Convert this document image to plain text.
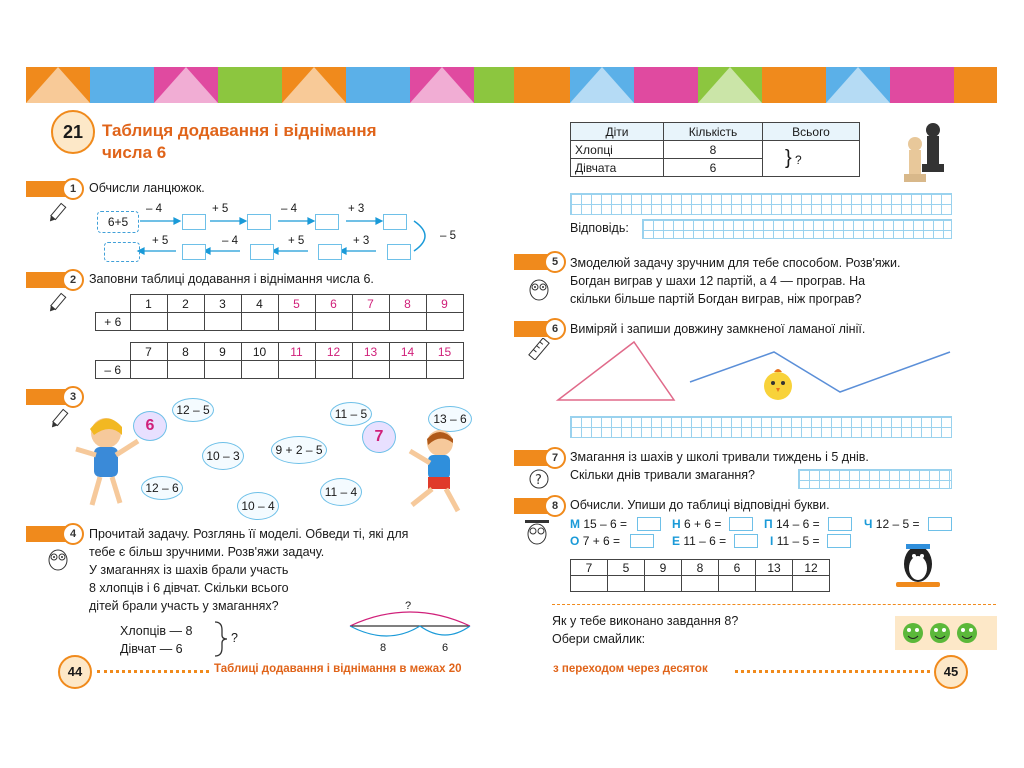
21	Таблиця додавання і віднімання
числа 6
1	Обчисли ланцюжок.
6+5
– 4	+ 5	– 4	+ 3
– 5
+ 5	– 4	+ 5	+ 3
2	Заповни таблиці додавання і віднімання числа 6.
	1	2	3	4	5	6	7	8	9
+ 6									
	7	8	9	10	11	12	13	14	15
– 6									
3
6
12 – 5
10 – 3
12 – 6
9 + 2 – 5
10 – 4
11 – 5	13 – 6
11 – 4
7
4	Прочитай задачу. Розглянь її моделі. Обведи ті, які для
тебе є більш зручними. Розв'яжи задачу.
У змаганнях із шахів брали участь
8 хлопців і 6 дівчат. Скільки всього
дітей брали участь у змаганнях?
Хлопців — 8
Дівчат — 6
?
?
8	6
44	Таблиці додавання і віднімання в межах 20
Діти	Кількість	Всього
Хлопці	8	} ?
Дівчата	6	
Відповідь:
5 Змоделюй задачу зручним для тебе способом. Розв'яжи.
Богдан виграв у шахи 12 партій, а 4 — програв. На
скільки більше партій Богдан виграв, ніж програв?
6 Виміряй і запиши довжину замкненої ламаної лінії.
7
?
Змагання із шахів у школі тривали тиждень і 5 днів.
Скільки днів тривали змагання?
8 Обчисли. Упиши до таблиці відповідні букви.
М 15 – 6 =	Н 6 + 6 =	П 14 – 6 =	Ч 12 – 5 =
О 7 + 6 =	Е 11 – 6 =	І 11 – 5 =
7	5	9	8	6	13	12

Як у тебе виконано завдання 8?
Обери смайлик:
з переходом через десяток	45
